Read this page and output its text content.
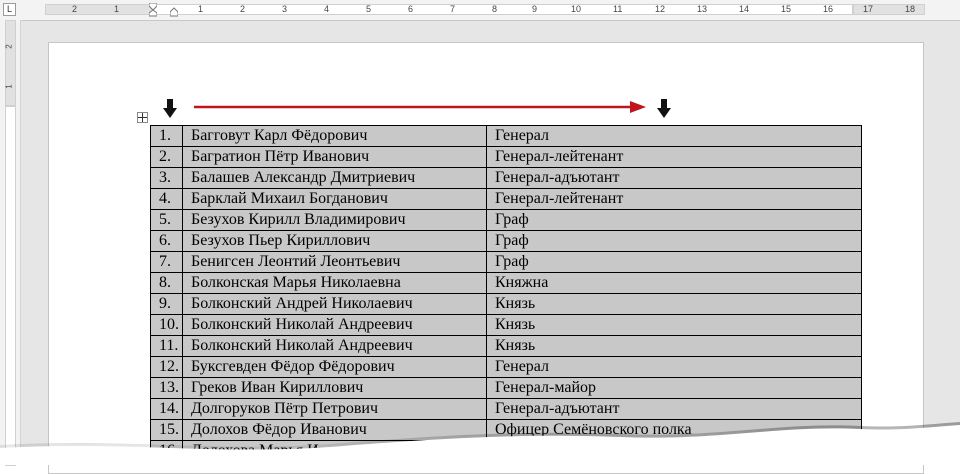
L	2	1	1	2	3	4	5	6	7	8	9	10	11	12	13	14	15	16	17	18
2
1
1.	Багговут Карл Фёдорович	Генерал
2.	Багратион Пётр Иванович	Генерал-лейтенант
3.	Балашев Александр Дмитриевич	Генерал-адъютант
4.	Барклай Михаил Богданович	Генерал-лейтенант
5.	Безухов Кирилл Владимирович	Граф
6.	Безухов Пьер Кириллович	Граф
7.	Бенигсен Леонтий Леонтьевич	Граф
8.	Болконская Марья Николаевна	Княжна
9.	Болконский Андрей Николаевич	Князь
10.	Болконский Николай Андреевич	Князь
11.	Болконский Николай Андреевич	Князь
12.	Буксгевден Фёдор Фёдорович	Генерал
13.	Греков Иван Кириллович	Генерал-майор
14.	Долгоруков Пётр Петрович	Генерал-адъютант
15.	Долохов Фёдор Иванович	Офицер Семёновского полка
